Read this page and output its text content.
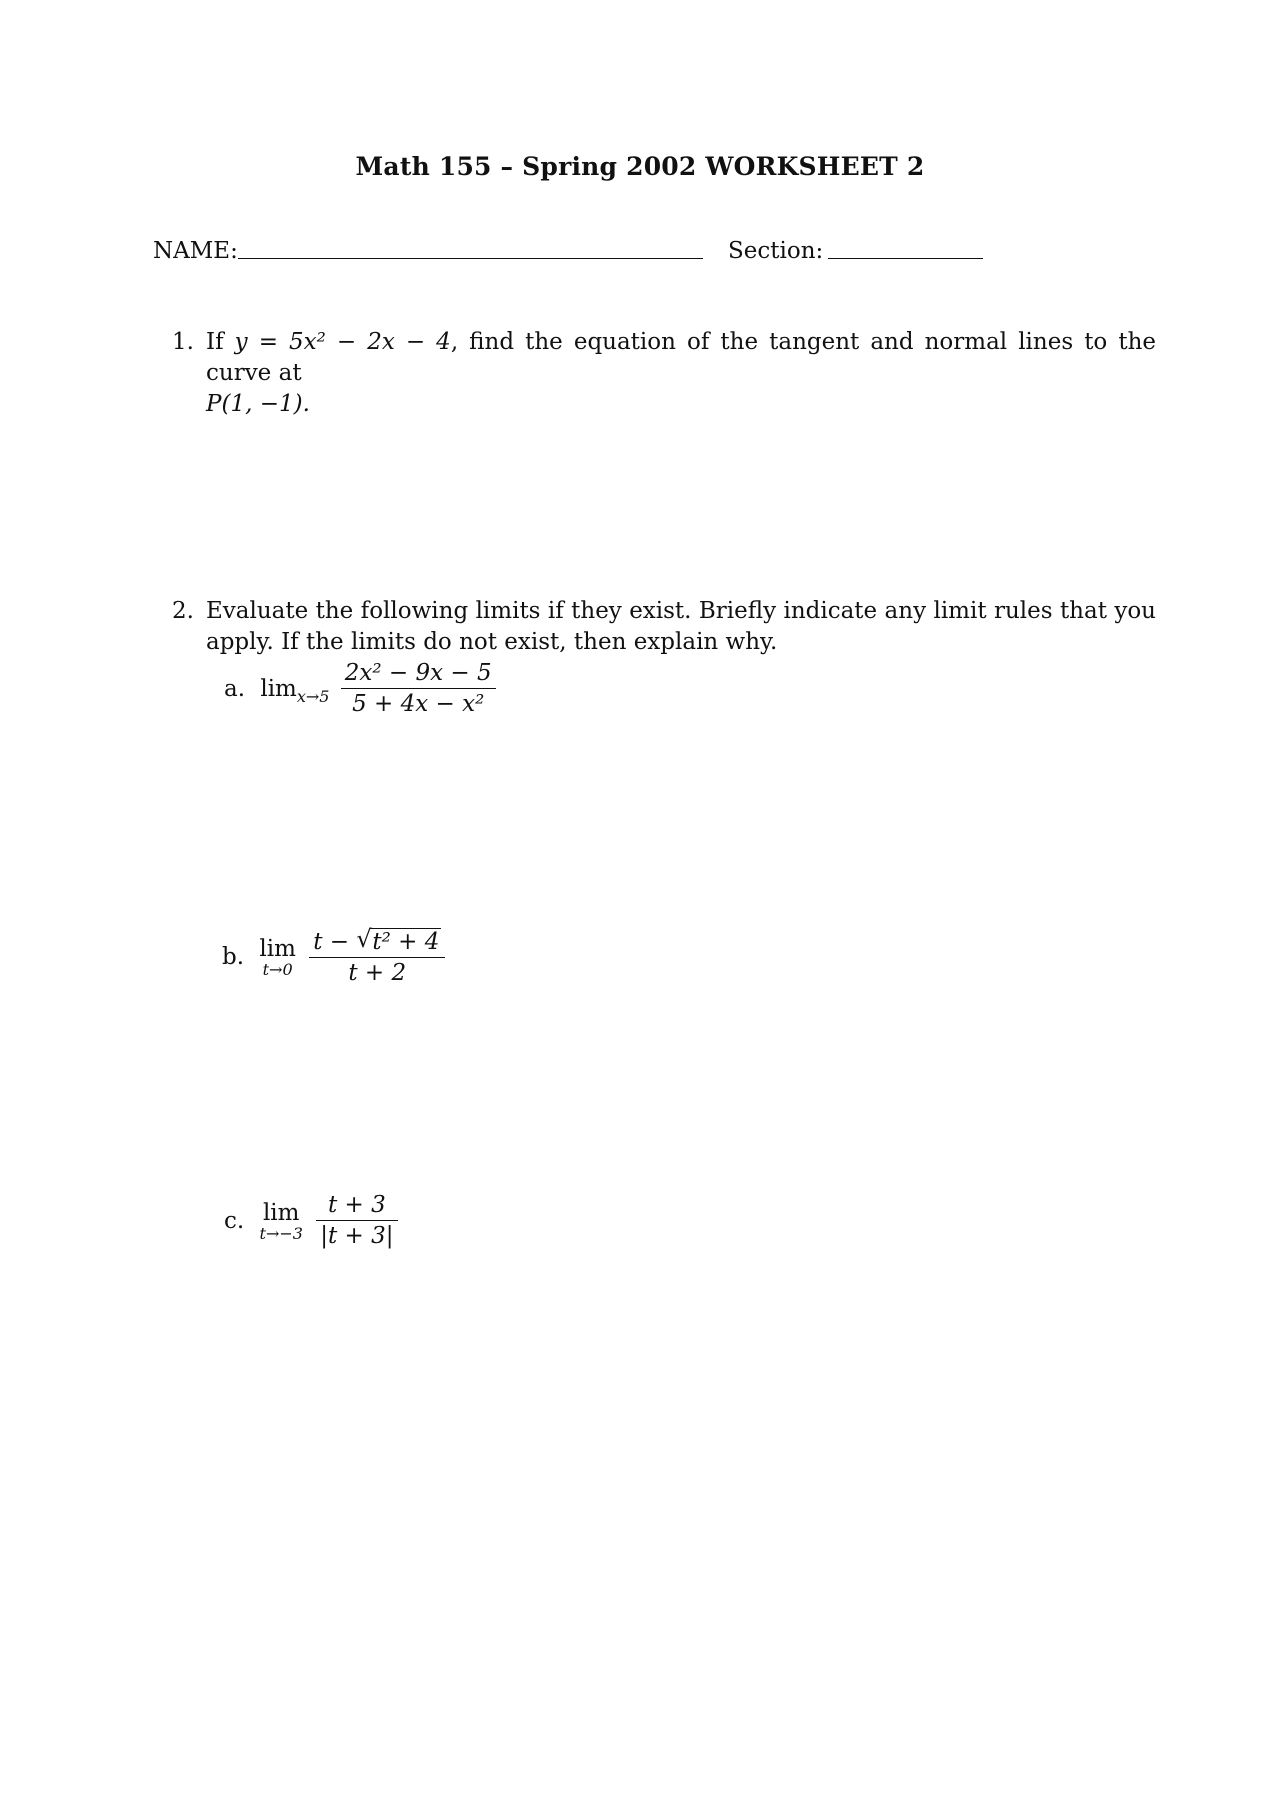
Math 155 – Spring 2002 WORKSHEET 2
NAME:	Section:
1. If y = 5x² − 2x − 4, find the equation of the tangent and normal lines to the curve at
P(1, −1).
2. Evaluate the following limits if they exist. Briefly indicate any limit rules that you apply. If the limits do not exist, then explain why.
a. $\lim_{x\to 5} \frac{\text{2x² − 9x − 5}}{\text{5 + 4x − x²}}$
b. lim
t→0
$\frac{\text{t − √ t² + 4}}{t + 2}$
c. lim
t→−3
$\frac{t + 3}{|t + 3|}$
